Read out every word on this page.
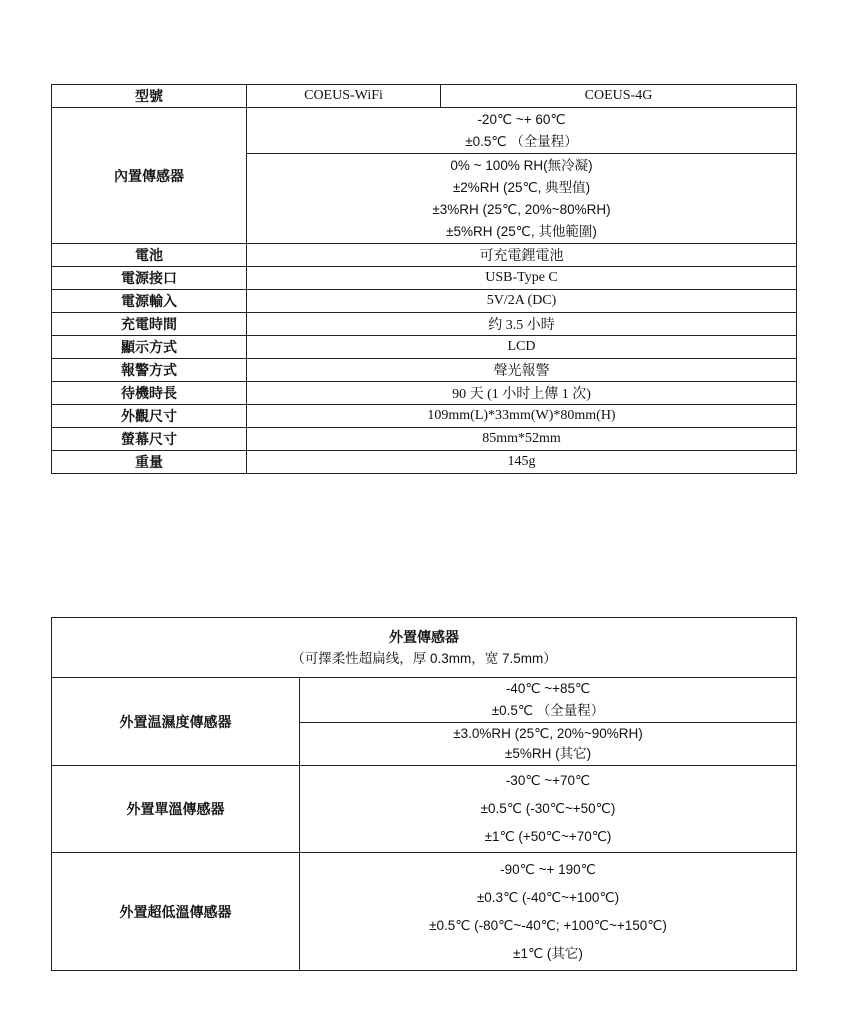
型號	COEUS-WiFi	COEUS-4G
內置傳感器	-20℃ ~+ 60℃
±0.5℃ （全量程）	

	0% ~ 100% RH(無冷凝)
±2%RH (25℃, 典型值)
±3%RH (25℃, 20%~80%RH)
±5%RH (25℃, 其他範圍)	

電池	可充電鋰電池	
電源接口	USB-Type C	
電源輸入	5V/2A (DC)	
充電時間	约 3.5 小時	
顯示方式	LCD	
報警方式	聲光報警	
待機時長	90 天 (1 小时上傳 1 次)	
外觀尺寸	109mm(L)*33mm(W)*80mm(H)	
螢幕尺寸	85mm*52mm	
重量	145g	
外置傳感器
（可擇柔性超扁线，厚 0.3mm，宽 7.5mm）	

外置温濕度傳感器	-40℃ ~+85℃
±0.5℃ （全量程）

	±3.0%RH (25℃, 20%~90%RH)
±5%RH (其它)

外置單溫傳感器	-30℃ ~+70℃
±0.5℃ (-30℃~+50℃)
±1℃ (+50℃~+70℃)

外置超低溫傳感器	-90℃ ~+ 190℃
±0.3℃ (-40℃~+100℃)
±0.5℃ (-80℃~-40℃; +100℃~+150℃)
±1℃ (其它)
